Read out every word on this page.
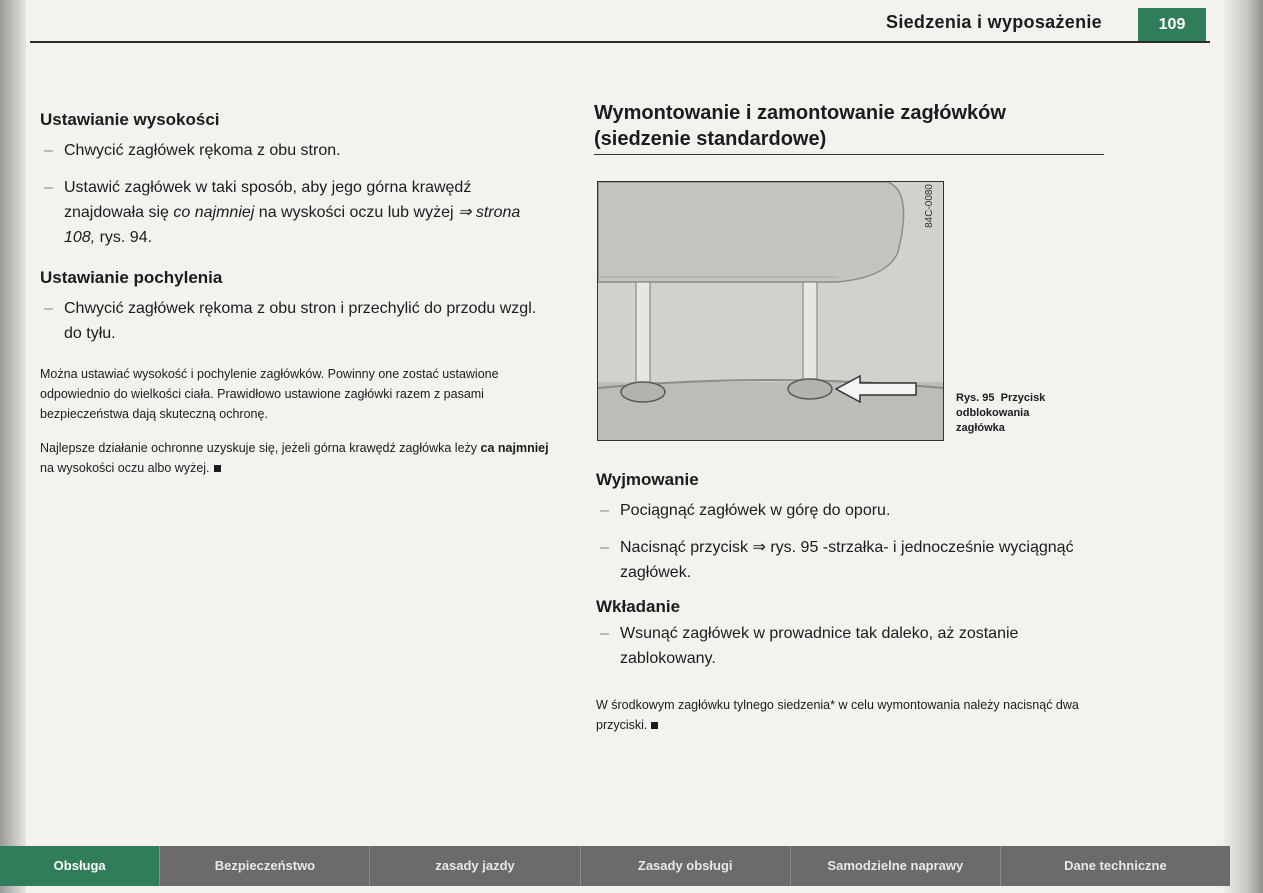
Siedzenia i wyposażenie	109
Ustawianie wysokości
– Chwycić zagłówek rękoma z obu stron.
– Ustawić zagłówek w taki sposób, aby jego górna krawędź znajdowała się co najmniej na wyskości oczu lub wyżej ⇒ strona 108, rys. 94.
Ustawianie pochylenia
– Chwycić zagłówek rękoma z obu stron i przechylić do przodu wzgl. do tyłu.

Można ustawiać wysokość i pochylenie zagłówków. Powinny one zostać ustawione odpowiednio do wielkości ciała. Prawidłowo ustawione zagłówki razem z pasami bezpieczeństwa dają skuteczną ochronę.

Najlepsze działanie ochronne uzyskuje się, jeżeli górna krawędź zagłówka leży ca najmniej na wysokości oczu albo wyżej.

Wymontowanie i zamontowanie zagłówków (siedzenie standardowe)
84C-0080
Rys. 95 Przycisk odblokowania zagłówka
Wyjmowanie
– Pociągnąć zagłówek w górę do oporu.
– Nacisnąć przycisk ⇒ rys. 95 -strzałka- i jednocześnie wyciągnąć zagłówek.
Wkładanie
– Wsunąć zagłówek w prowadnice tak daleko, aż zostanie zablokowany.

W środkowym zagłówku tylnego siedzenia* w celu wymontowania należy nacisnąć dwa przyciski.

Obsługa	Bezpieczeństwo	zasady jazdy	Zasady obsługi	Samodzielne naprawy	Dane techniczne
